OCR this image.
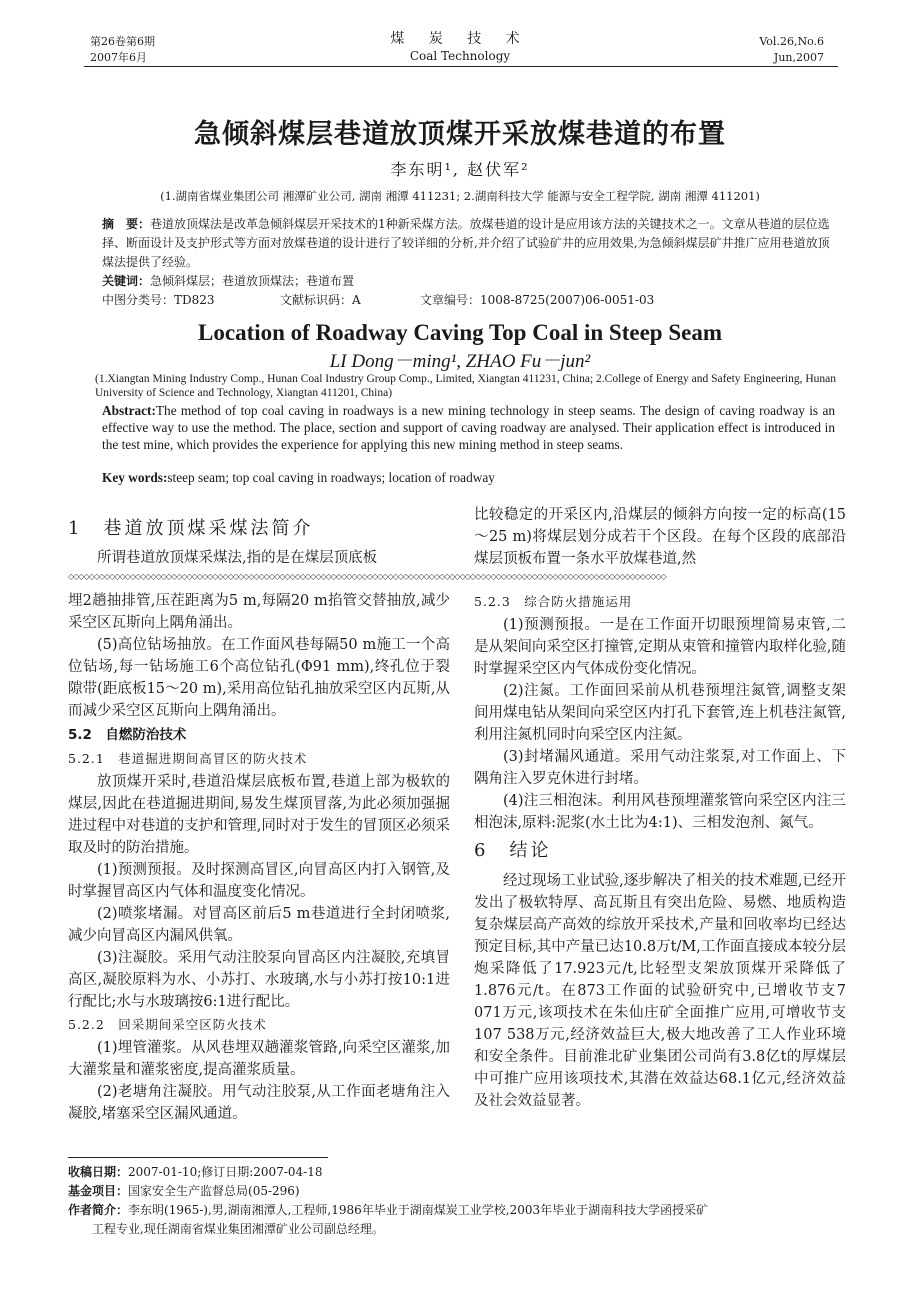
第26卷第6期
2007年6月
煤 炭 技 术
Coal Technology
Vol.26,No.6
Jun,2007
急倾斜煤层巷道放顶煤开采放煤巷道的布置
李东明¹, 赵伏军²
(1.湖南省煤业集团公司 湘潭矿业公司, 湖南 湘潭 411231; 2.湖南科技大学 能源与安全工程学院, 湖南 湘潭 411201)
摘　要：巷道放顶煤法是改革急倾斜煤层开采技术的1种新采煤方法。放煤巷道的设计是应用该方法的关键技术之一。文章从巷道的层位选择、断面设计及支护形式等方面对放煤巷道的设计进行了较详细的分析,并介绍了试验矿井的应用效果,为急倾斜煤层矿井推广应用巷道放顶煤法提供了经验。
关键词：急倾斜煤层；巷道放顶煤法；巷道布置
中图分类号：TD823	文献标识码：A	文章编号：1008-8725(2007)06-0051-03
Location of Roadway Caving Top Coal in Steep Seam
LI Dong－ming¹, ZHAO Fu－jun²
(1.Xiangtan Mining Industry Comp., Hunan Coal Industry Group Comp., Limited, Xiangtan 411231, China; 2.College of Energy and Safety Engineering, Hunan University of Science and Technology, Xiangtan 411201, China)
Abstract:The method of top coal caving in roadways is a new mining technology in steep seams. The design of caving roadway is an effective way to use the method. The place, section and support of caving roadway are analysed. Their application effect is introduced in the test mine, which provides the experience for applying this new mining method in steep seams.
Key words:steep seam; top coal caving in roadways; location of roadway
1　巷道放顶煤采煤法简介
所谓巷道放顶煤采煤法,指的是在煤层顶底板
比较稳定的开采区内,沿煤层的倾斜方向按一定的标高(15～25 m)将煤层划分成若干个区段。在每个区段的底部沿煤层顶板布置一条水平放煤巷道,然
◇◇◇◇◇◇◇◇◇◇◇◇◇◇◇◇◇◇◇◇◇◇◇◇◇◇◇◇◇◇◇◇◇◇◇◇◇◇◇◇◇◇◇◇◇◇◇◇◇◇◇◇◇◇◇◇◇◇◇◇◇◇◇◇◇◇◇◇◇◇◇◇◇◇◇◇◇◇◇◇◇◇◇◇◇◇◇◇◇◇◇◇◇◇◇◇◇◇◇◇◇◇◇◇◇◇◇◇◇◇◇◇◇◇◇◇

埋2趟抽排管,压茬距离为5 m,每隔20 m掐管交替抽放,减少采空区瓦斯向上隅角涌出。

(5)高位钻场抽放。在工作面风巷每隔50 m施工一个高位钻场,每一钻场施工6个高位钻孔(Φ91 mm),终孔位于裂隙带(距底板15～20 m),采用高位钻孔抽放采空区内瓦斯,从而减少采空区瓦斯向上隅角涌出。

5.2　自燃防治技术

5.2.1　巷道掘进期间高冒区的防火技术

放顶煤开采时,巷道沿煤层底板布置,巷道上部为极软的煤层,因此在巷道掘进期间,易发生煤顶冒落,为此必须加强掘进过程中对巷道的支护和管理,同时对于发生的冒顶区必须采取及时的防治措施。

(1)预测预报。及时探测高冒区,向冒高区内打入钢管,及时掌握冒高区内气体和温度变化情况。

(2)喷浆堵漏。对冒高区前后5 m巷道进行全封闭喷浆,减少向冒高区内漏风供氧。

(3)注凝胶。采用气动注胶泵向冒高区内注凝胶,充填冒高区,凝胶原料为水、小苏打、水玻璃,水与小苏打按10:1进行配比;水与水玻璃按6:1进行配比。

5.2.2　回采期间采空区防火技术

(1)埋管灌浆。从风巷埋双趟灌浆管路,向采空区灌浆,加大灌浆量和灌浆密度,提高灌浆质量。

(2)老塘角注凝胶。用气动注胶泵,从工作面老塘角注入凝胶,堵塞采空区漏风通道。

5.2.3　综合防火措施运用

(1)预测预报。一是在工作面开切眼预埋简易束管,二是从架间向采空区打撞管,定期从束管和撞管内取样化验,随时掌握采空区内气体成份变化情况。

(2)注氮。工作面回采前从机巷预埋注氮管,调整支架间用煤电钻从架间向采空区内打孔下套管,连上机巷注氮管,利用注氮机同时向采空区内注氮。

(3)封堵漏风通道。采用气动注浆泵,对工作面上、下隅角注入罗克休进行封堵。

(4)注三相泡沫。利用风巷预埋灌浆管向采空区内注三相泡沫,原料:泥浆(水土比为4:1)、三相发泡剂、氮气。

6　结论

经过现场工业试验,逐步解决了相关的技术难题,已经开发出了极软特厚、高瓦斯且有突出危险、易燃、地质构造复杂煤层高产高效的综放开采技术,产量和回收率均已经达预定目标,其中产量已达10.8万t/M,工作面直接成本较分层炮采降低了17.923元/t,比轻型支架放顶煤开采降低了1.876元/t。在873工作面的试验研究中,已增收节支7 071万元,该项技术在朱仙庄矿全面推广应用,可增收节支107 538万元,经济效益巨大,极大地改善了工人作业环境和安全条件。目前淮北矿业集团公司尚有3.8亿t的厚煤层中可推广应用该项技术,其潜在效益达68.1亿元,经济效益及社会效益显著。

收稿日期：2007-01-10;修订日期:2007-04-18

基金项目：国家安全生产监督总局(05-296)

作者简介：李东明(1965-),男,湖南湘潭人,工程师,1986年毕业于湖南煤炭工业学校,2003年毕业于湖南科技大学函授采矿

工程专业,现任湖南省煤业集团湘潭矿业公司副总经理。
